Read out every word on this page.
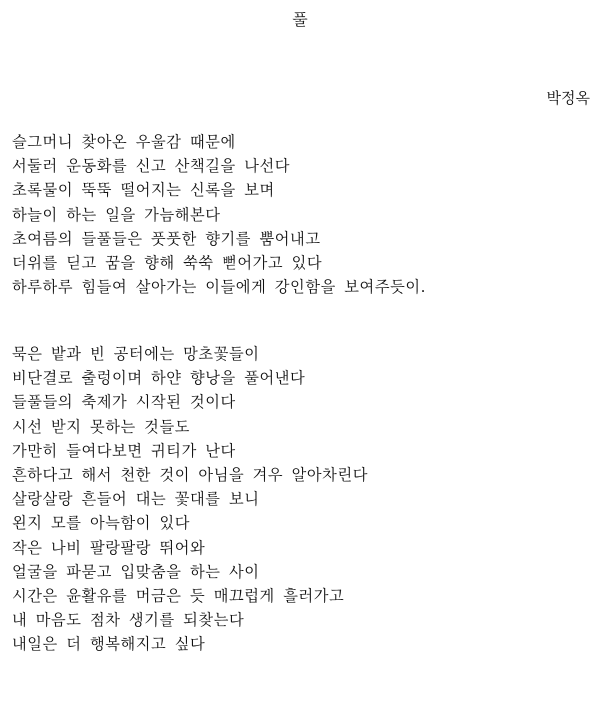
풀

박정옥

슬그머니 찾아온 우울감 때문에
서둘러 운동화를 신고 산책길을 나선다
초록물이 뚝뚝 떨어지는 신록을 보며
하늘이 하는 일을 가늠해본다
초여름의 들풀들은 풋풋한 향기를 뿜어내고
더위를 딛고 꿈을 향해 쑥쑥 뻗어가고 있다
하루하루 힘들여 살아가는 이들에게 강인함을 보여주듯이.
묵은 밭과 빈 공터에는 망초꽃들이
비단결로 출렁이며 하얀 향낭을 풀어낸다
들풀들의 축제가 시작된 것이다
시선 받지 못하는 것들도
가만히 들여다보면 귀티가 난다
흔하다고 해서 천한 것이 아님을 겨우 알아차린다
살랑살랑 흔들어 대는 꽃대를 보니
왼지 모를 아늑함이 있다
작은 나비 팔랑팔랑 뛰어와
얼굴을 파묻고 입맞춤을 하는 사이
시간은 윤활유를 머금은 듯 매끄럽게 흘러가고
내 마음도 점차 생기를 되찾는다
내일은 더 행복해지고 싶다
